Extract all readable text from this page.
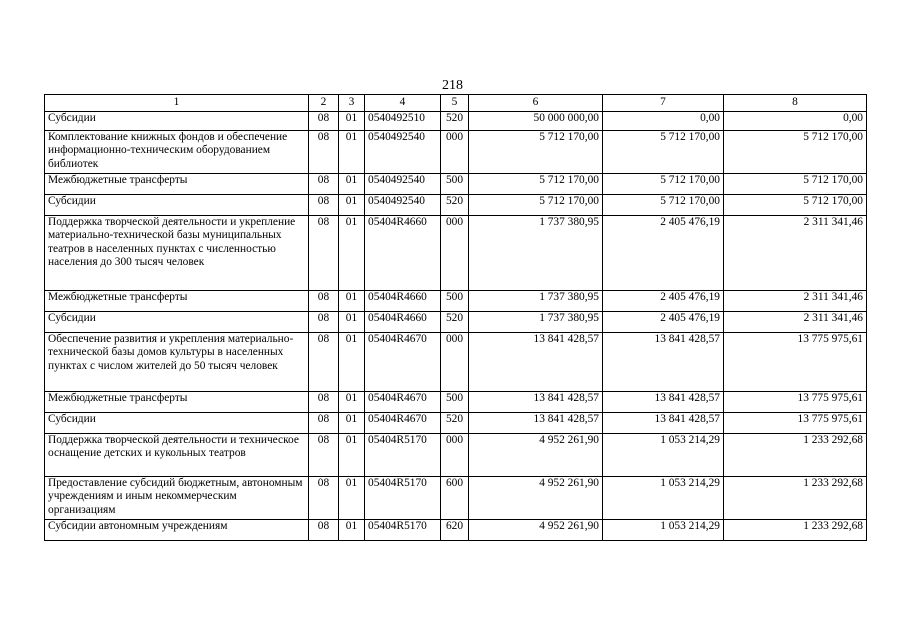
218
1	2	3	4	5	6	7	8
Субсидии	08	01	0540492510	520	50 000 000,00	0,00	0,00
Комплектование книжных фондов и обеспечение информационно-техническим оборудованием библиотек	08	01	0540492540	000	5 712 170,00	5 712 170,00	5 712 170,00
Межбюджетные трансферты	08	01	0540492540	500	5 712 170,00	5 712 170,00	5 712 170,00
Субсидии	08	01	0540492540	520	5 712 170,00	5 712 170,00	5 712 170,00
Поддержка творческой деятельности и укрепление материально-технической базы муниципальных театров в населенных пунктах с численностью населения до 300 тысяч человек	08	01	05404R4660	000	1 737 380,95	2 405 476,19	2 311 341,46
Межбюджетные трансферты	08	01	05404R4660	500	1 737 380,95	2 405 476,19	2 311 341,46
Субсидии	08	01	05404R4660	520	1 737 380,95	2 405 476,19	2 311 341,46
Обеспечение развития и укрепления материально-технической базы домов культуры в населенных пунктах с числом жителей до 50 тысяч человек	08	01	05404R4670	000	13 841 428,57	13 841 428,57	13 775 975,61
Межбюджетные трансферты	08	01	05404R4670	500	13 841 428,57	13 841 428,57	13 775 975,61
Субсидии	08	01	05404R4670	520	13 841 428,57	13 841 428,57	13 775 975,61
Поддержка творческой деятельности и техническое оснащение детских и кукольных театров	08	01	05404R5170	000	4 952 261,90	1 053 214,29	1 233 292,68
Предоставление субсидий бюджетным, автономным учреждениям и иным некоммерческим организациям	08	01	05404R5170	600	4 952 261,90	1 053 214,29	1 233 292,68
Субсидии автономным учреждениям	08	01	05404R5170	620	4 952 261,90	1 053 214,29	1 233 292,68
